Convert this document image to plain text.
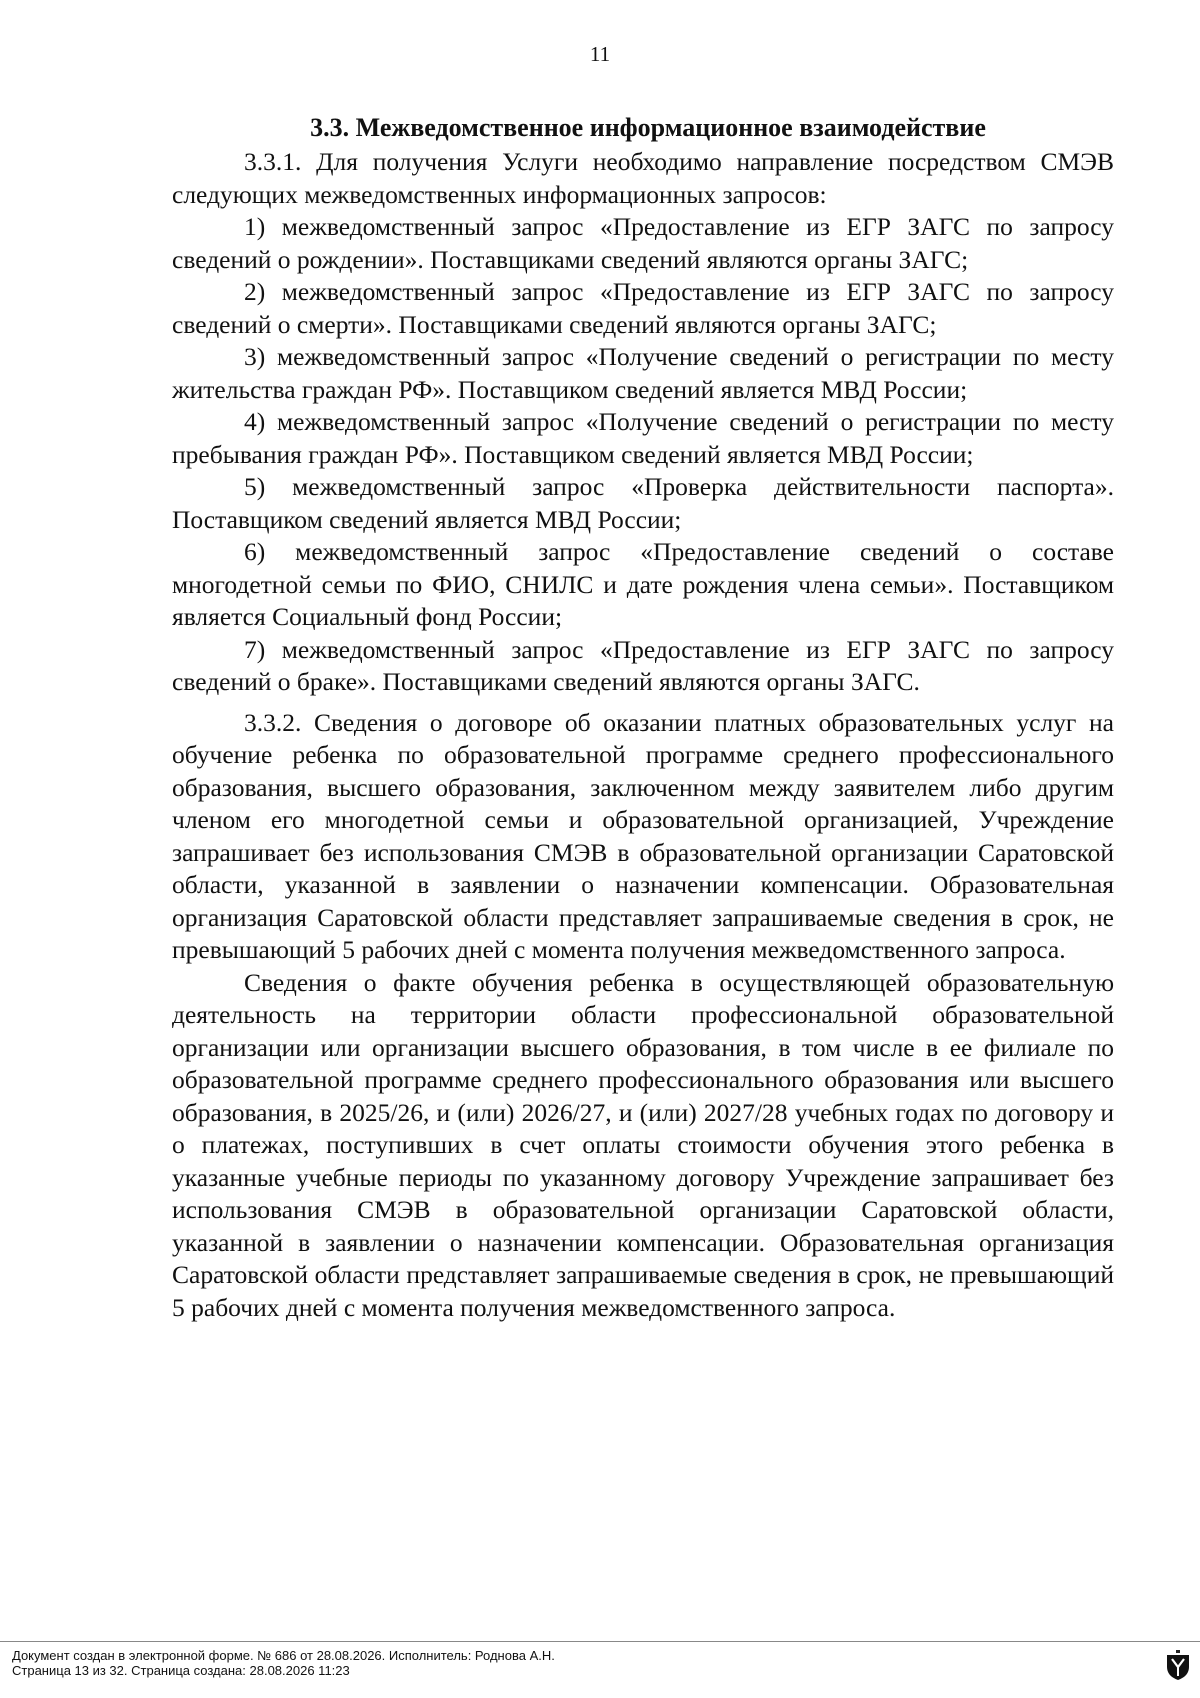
11
3.3. Межведомственное информационное взаимодействие

3.3.1. Для получения Услуги необходимо направление посредством СМЭВ следующих межведомственных информационных запросов:

1) межведомственный запрос «Предоставление из ЕГР ЗАГС по запросу сведений о рождении». Поставщиками сведений являются органы ЗАГС;

2) межведомственный запрос «Предоставление из ЕГР ЗАГС по запросу сведений о смерти». Поставщиками сведений являются органы ЗАГС;

3) межведомственный запрос «Получение сведений о регистрации по месту жительства граждан РФ». Поставщиком сведений является МВД России;

4) межведомственный запрос «Получение сведений о регистрации по месту пребывания граждан РФ». Поставщиком сведений является МВД России;

5) межведомственный запрос «Проверка действительности паспорта». Поставщиком сведений является МВД России;

6) межведомственный запрос «Предоставление сведений о составе многодетной семьи по ФИО, СНИЛС и дате рождения члена семьи». Поставщиком является Социальный фонд России;

7) межведомственный запрос «Предоставление из ЕГР ЗАГС по запросу сведений о браке». Поставщиками сведений являются органы ЗАГС.

3.3.2. Сведения о договоре об оказании платных образовательных услуг на обучение ребенка по образовательной программе среднего профессионального образования, высшего образования, заключенном между заявителем либо другим членом его многодетной семьи и образовательной организацией, Учреждение запрашивает без использования СМЭВ в образовательной организации Саратовской области, указанной в заявлении о назначении компенсации. Образовательная организация Саратовской области представляет запрашиваемые сведения в срок, не превышающий 5 рабочих дней с момента получения межведомственного запроса.

Сведения о факте обучения ребенка в осуществляющей образовательную деятельность на территории области профессиональной образовательной организации или организации высшего образования, в том числе в ее филиале по образовательной программе среднего профессионального образования или высшего образования, в 2025/26, и (или) 2026/27, и (или) 2027/28 учебных годах по договору и о платежах, поступивших в счет оплаты стоимости обучения этого ребенка в указанные учебные периоды по указанному договору Учреждение запрашивает без использования СМЭВ в образовательной организации Саратовской области, указанной в заявлении о назначении компенсации. Образовательная организация Саратовской области представляет запрашиваемые сведения в срок, не превышающий 5 рабочих дней с момента получения межведомственного запроса.

Документ создан в электронной форме. № 686 от 28.08.2026. Исполнитель: Роднова А.Н.
Страница 13 из 32. Страница создана: 28.08.2026 11:23
